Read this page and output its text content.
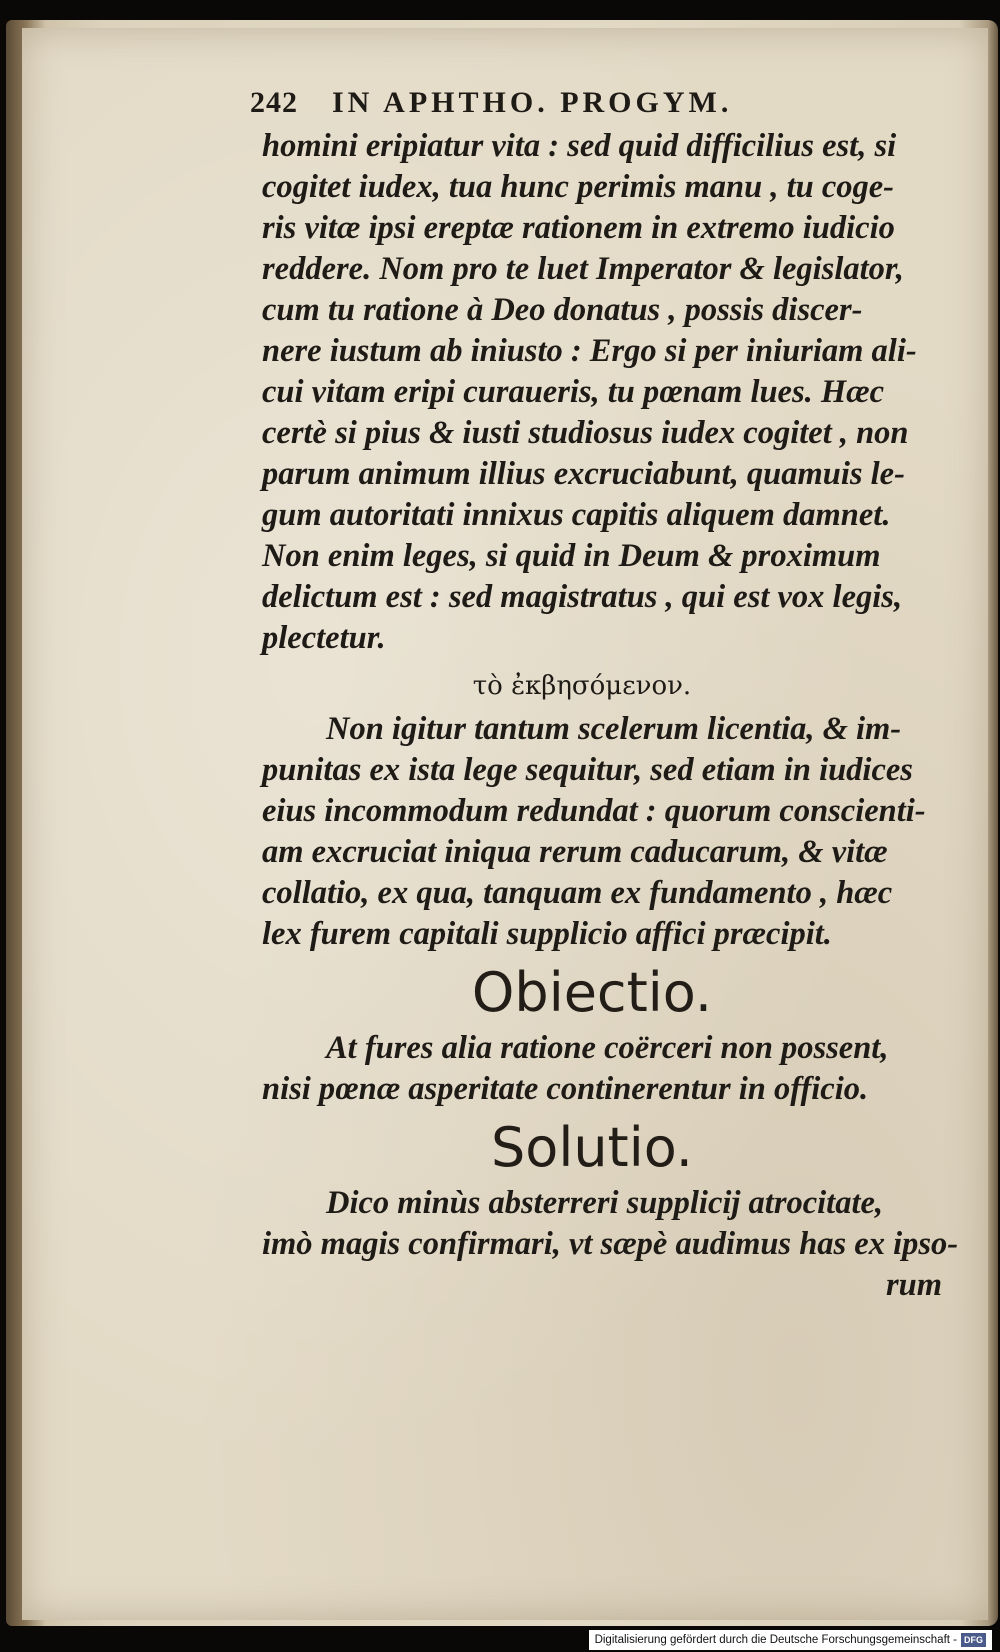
242 IN APHTHO. PROGYM.

homini eripiatur vita : sed quid difficilius est, si
cogitet iudex, tua hunc perimis manu , tu coge-
ris vitæ ipsi ereptæ rationem in extremo iudicio
reddere. Nom pro te luet Imperator & legislator,
cum tu ratione à Deo donatus , possis discer-
nere iustum ab iniusto : Ergo si per iniuriam ali-
cui vitam eripi curaueris, tu pœnam lues. Hæc
certè si pius & iusti studiosus iudex cogitet , non
parum animum illius excruciabunt, quamuis le-
gum autoritati innixus capitis aliquem damnet.
Non enim leges, si quid in Deum & proximum
delictum est : sed magistratus , qui est vox legis,
plectetur.

τὸ ἐκβησόμενον.

Non igitur tantum scelerum licentia, & im-
punitas ex ista lege sequitur, sed etiam in iudices
eius incommodum redundat : quorum conscienti-
am excruciat iniqua rerum caducarum, & vitæ
collatio, ex qua, tanquam ex fundamento , hæc
lex furem capitali supplicio affici præcipit.

Obiectio.

At fures alia ratione coërceri non possent,
nisi pœnæ asperitate continerentur in officio.

Solutio.

Dico minùs absterreri supplicij atrocitate,
imò magis confirmari, vt sæpè audimus has ex ipso-
rum

Digitalisierung gefördert durch die Deutsche Forschungsgemeinschaft - DFG
